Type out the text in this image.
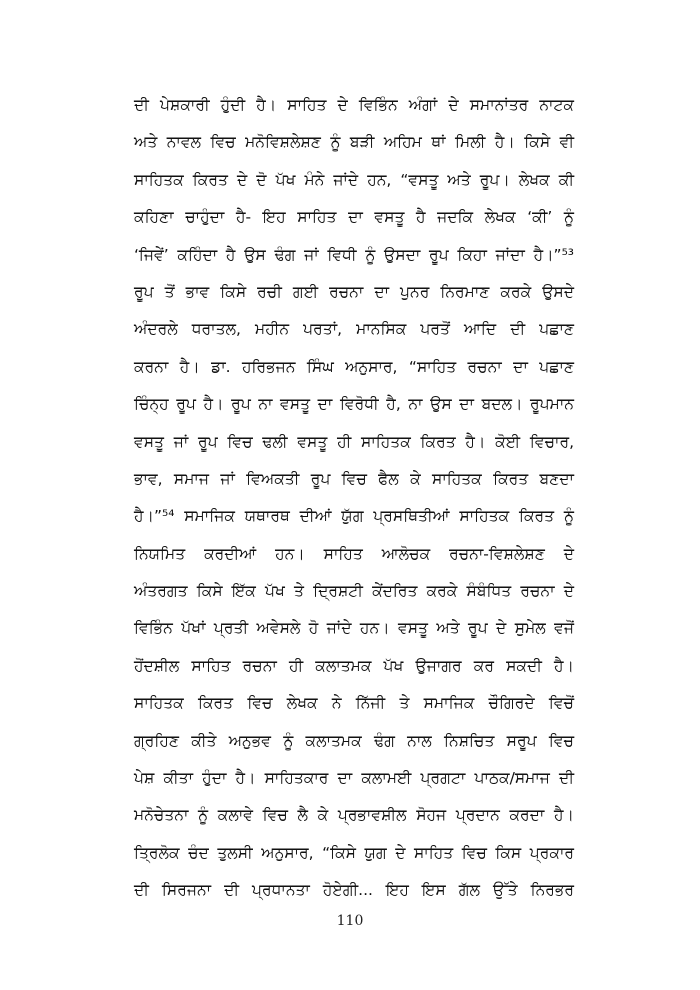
ਦੀ ਪੇਸ਼ਕਾਰੀ ਹੁੰਦੀ ਹੈ। ਸਾਹਿਤ ਦੇ ਵਿਭਿੰਨ ਅੰਗਾਂ ਦੇ ਸਮਾਨਾਂਤਰ ਨਾਟਕ
ਅਤੇ ਨਾਵਲ ਵਿਚ ਮਨੋਵਿਸ਼ਲੇਸ਼ਣ ਨੂੰ ਬੜੀ ਅਹਿਮ ਥਾਂ ਮਿਲੀ ਹੈ। ਕਿਸੇ ਵੀ
ਸਾਹਿਤਕ ਕਿਰਤ ਦੇ ਦੋ ਪੱਖ ਮੰਨੇ ਜਾਂਦੇ ਹਨ, “ਵਸਤੂ ਅਤੇ ਰੂਪ। ਲੇਖਕ ਕੀ
ਕਹਿਣਾ ਚਾਹੁੰਦਾ ਹੈ- ਇਹ ਸਾਹਿਤ ਦਾ ਵਸਤੂ ਹੈ ਜਦਕਿ ਲੇਖਕ ‘ਕੀ’ ਨੂੰ
‘ਜਿਵੇਂ’ ਕਹਿੰਦਾ ਹੈ ਉਸ ਢੰਗ ਜਾਂ ਵਿਧੀ ਨੂੰ ਉਸਦਾ ਰੂਪ ਕਿਹਾ ਜਾਂਦਾ ਹੈ।”⁵³
ਰੂਪ ਤੋਂ ਭਾਵ ਕਿਸੇ ਰਚੀ ਗਈ ਰਚਨਾ ਦਾ ਪੁਨਰ ਨਿਰਮਾਣ ਕਰਕੇ ਉਸਦੇ
ਅੰਦਰਲੇ ਧਰਾਤਲ, ਮਹੀਨ ਪਰਤਾਂ, ਮਾਨਸਿਕ ਪਰਤੋਂ ਆਦਿ ਦੀ ਪਛਾਣ
ਕਰਨਾ ਹੈ। ਡਾ. ਹਰਿਭਜਨ ਸਿੰਘ ਅਨੁਸਾਰ, “ਸਾਹਿਤ ਰਚਨਾ ਦਾ ਪਛਾਣ
ਚਿੰਨ੍ਹ ਰੂਪ ਹੈ। ਰੂਪ ਨਾ ਵਸਤੂ ਦਾ ਵਿਰੋਧੀ ਹੈ, ਨਾ ਉਸ ਦਾ ਬਦਲ। ਰੂਪਮਾਨ
ਵਸਤੂ ਜਾਂ ਰੂਪ ਵਿਚ ਢਲੀ ਵਸਤੂ ਹੀ ਸਾਹਿਤਕ ਕਿਰਤ ਹੈ। ਕੋਈ ਵਿਚਾਰ,
ਭਾਵ, ਸਮਾਜ ਜਾਂ ਵਿਅਕਤੀ ਰੂਪ ਵਿਚ ਫੈਲ ਕੇ ਸਾਹਿਤਕ ਕਿਰਤ ਬਣਦਾ
ਹੈ।”⁵⁴ ਸਮਾਜਿਕ ਯਥਾਰਥ ਦੀਆਂ ਯੁੱਗ ਪ੍ਰਸਥਿਤੀਆਂ ਸਾਹਿਤਕ ਕਿਰਤ ਨੂੰ
ਨਿਯਮਿਤ ਕਰਦੀਆਂ ਹਨ। ਸਾਹਿਤ ਆਲੋਚਕ ਰਚਨਾ-ਵਿਸ਼ਲੇਸ਼ਣ ਦੇ
ਅੰਤਰਗਤ ਕਿਸੇ ਇੱਕ ਪੱਖ ਤੇ ਦ੍ਰਿਸ਼ਟੀ ਕੇਂਦਰਿਤ ਕਰਕੇ ਸੰਬੰਧਿਤ ਰਚਨਾ ਦੇ
ਵਿਭਿੰਨ ਪੱਖਾਂ ਪ੍ਰਤੀ ਅਵੇਸਲੇ ਹੋ ਜਾਂਦੇ ਹਨ। ਵਸਤੂ ਅਤੇ ਰੂਪ ਦੇ ਸੁਮੇਲ ਵਜੋਂ
ਹੋਂਦਸ਼ੀਲ ਸਾਹਿਤ ਰਚਨਾ ਹੀ ਕਲਾਤਮਕ ਪੱਖ ਉਜਾਗਰ ਕਰ ਸਕਦੀ ਹੈ।
ਸਾਹਿਤਕ ਕਿਰਤ ਵਿਚ ਲੇਖਕ ਨੇ ਨਿੱਜੀ ਤੇ ਸਮਾਜਿਕ ਚੌਗਿਰਦੇ ਵਿਚੋਂ
ਗ੍ਰਹਿਣ ਕੀਤੇ ਅਨੁਭਵ ਨੂੰ ਕਲਾਤਮਕ ਢੰਗ ਨਾਲ ਨਿਸ਼ਚਿਤ ਸਰੂਪ ਵਿਚ
ਪੇਸ਼ ਕੀਤਾ ਹੁੰਦਾ ਹੈ। ਸਾਹਿਤਕਾਰ ਦਾ ਕਲਾਮਈ ਪ੍ਰਗਟਾ ਪਾਠਕ/ਸਮਾਜ ਦੀ
ਮਨੋਚੇਤਨਾ ਨੂੰ ਕਲਾਵੇ ਵਿਚ ਲੈ ਕੇ ਪ੍ਰਭਾਵਸ਼ੀਲ ਸੋਹਜ ਪ੍ਰਦਾਨ ਕਰਦਾ ਹੈ।
ਤ੍ਰਿਲੋਕ ਚੰਦ ਤੁਲਸੀ ਅਨੁਸਾਰ, “ਕਿਸੇ ਯੁਗ ਦੇ ਸਾਹਿਤ ਵਿਚ ਕਿਸ ਪ੍ਰਕਾਰ
ਦੀ ਸਿਰਜਨਾ ਦੀ ਪ੍ਰਧਾਨਤਾ ਹੋਏਗੀ... ਇਹ ਇਸ ਗੱਲ ਉੱਤੇ ਨਿਰਭਰ
110
